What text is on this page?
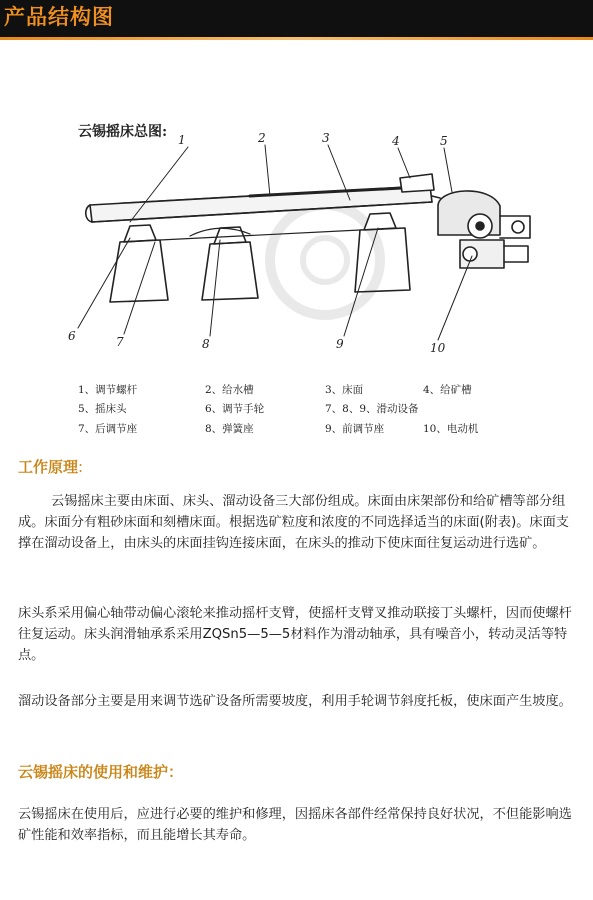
产品结构图
云锡摇床总图: 1	2	3	4	5
6	7	8	9	10
1、调节螺杆	2、给水槽	3、床面	4、给矿槽
5、摇床头	6、调节手轮	7、8、9、滑动设备
7、后调节座	8、弹簧座	9、前调节座	10、电动机
工作原理:
云锡摇床主要由床面、床头、溜动设备三大部份组成。床面由床架部份和给矿槽等部分组成。床面分有粗砂床面和刻槽床面。根据选矿粒度和浓度的不同选择适当的床面(附表)。床面支撑在溜动设备上，由床头的床面挂钩连接床面，在床头的推动下使床面往复运动进行选矿。
床头系采用偏心轴带动偏心滚轮来推动摇杆支臂，使摇杆支臂叉推动联接丁头螺杆，因而使螺杆往复运动。床头润滑轴承系采用ZQSn5—5—5材料作为滑动轴承，具有噪音小，转动灵活等特点。
溜动设备部分主要是用来调节选矿设备所需要坡度，利用手轮调节斜度托板，使床面产生坡度。
云锡摇床的使用和维护：
云锡摇床在使用后，应进行必要的维护和修理，因摇床各部件经常保持良好状况，不但能影响选矿性能和效率指标，而且能增长其寿命。
